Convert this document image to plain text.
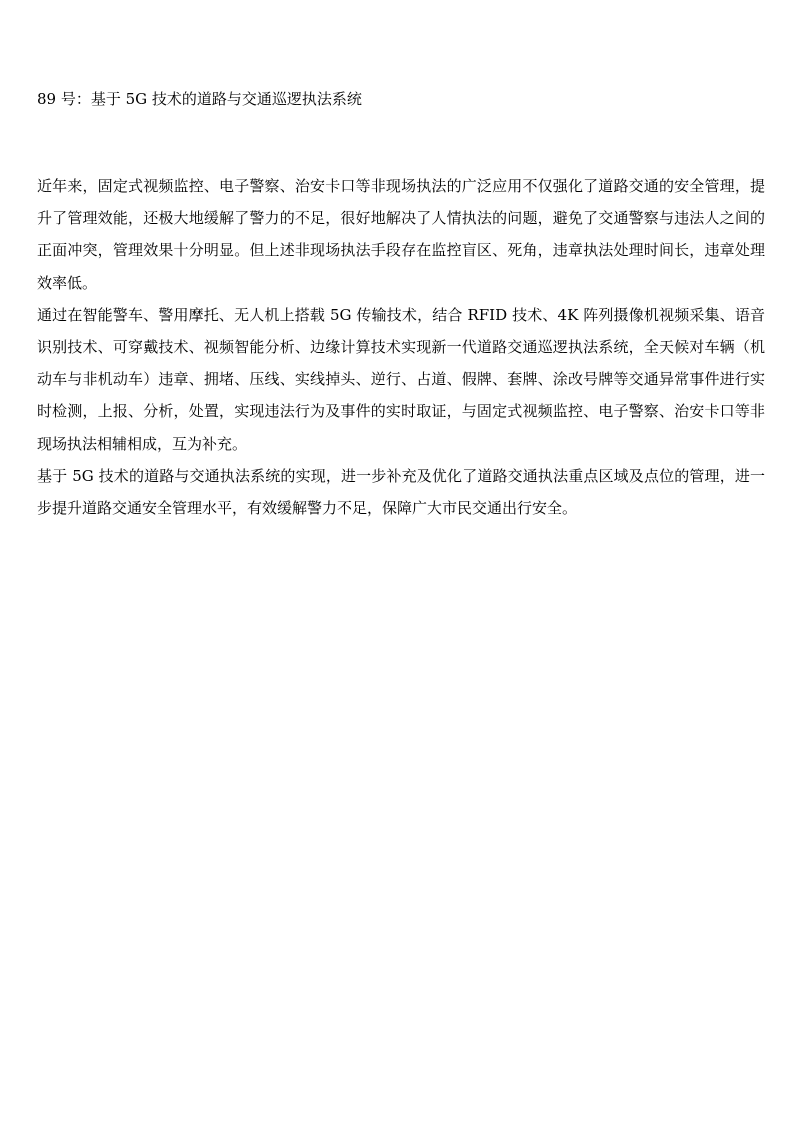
89 号：基于 5G 技术的道路与交通巡逻执法系统

近年来，固定式视频监控、电子警察、治安卡口等非现场执法的广泛应用不仅强化了道路交通的安全管理，提升了管理效能，还极大地缓解了警力的不足，很好地解决了人情执法的问题，避免了交通警察与违法人之间的正面冲突，管理效果十分明显。但上述非现场执法手段存在监控盲区、死角，违章执法处理时间长，违章处理效率低。

通过在智能警车、警用摩托、无人机上搭载 5G 传输技术，结合 RFID 技术、4K 阵列摄像机视频采集、语音识别技术、可穿戴技术、视频智能分析、边缘计算技术实现新一代道路交通巡逻执法系统，全天候对车辆（机动车与非机动车）违章、拥堵、压线、实线掉头、逆行、占道、假牌、套牌、涂改号牌等交通异常事件进行实时检测，上报、分析，处置，实现违法行为及事件的实时取证，与固定式视频监控、电子警察、治安卡口等非现场执法相辅相成，互为补充。

基于 5G 技术的道路与交通执法系统的实现，进一步补充及优化了道路交通执法重点区域及点位的管理，进一步提升道路交通安全管理水平，有效缓解警力不足，保障广大市民交通出行安全。
